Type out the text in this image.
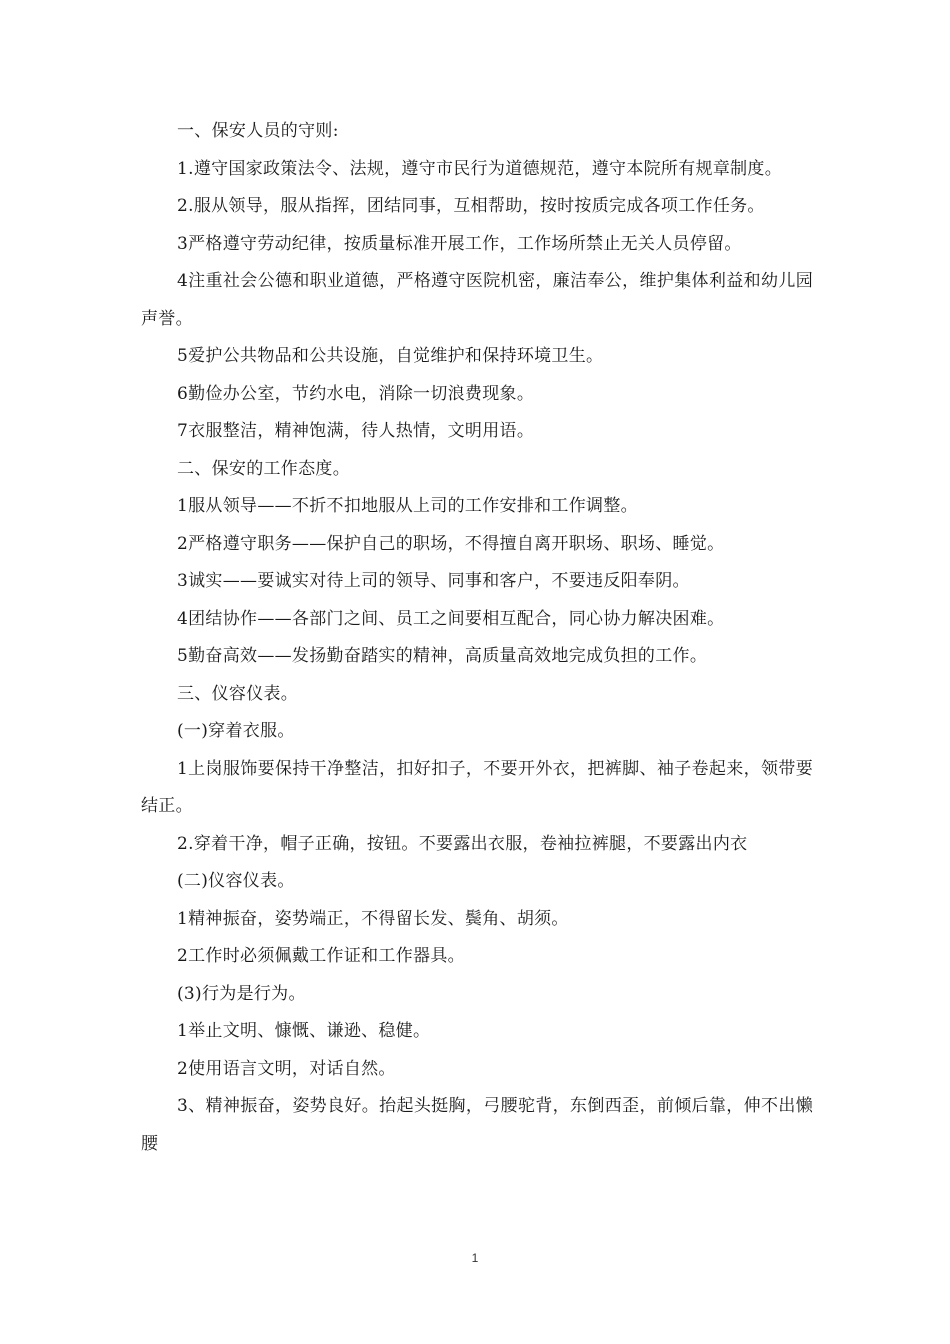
一、保安人员的守则:

1.遵守国家政策法令、法规，遵守市民行为道德规范，遵守本院所有规章制度。

2.服从领导，服从指挥，团结同事，互相帮助，按时按质完成各项工作任务。

3严格遵守劳动纪律，按质量标准开展工作，工作场所禁止无关人员停留。

4注重社会公德和职业道德，严格遵守医院机密，廉洁奉公，维护集体利益和幼儿园声誉。

5爱护公共物品和公共设施，自觉维护和保持环境卫生。

6勤俭办公室，节约水电，消除一切浪费现象。

7衣服整洁，精神饱满，待人热情，文明用语。

二、保安的工作态度。

1服从领导——不折不扣地服从上司的工作安排和工作调整。

2严格遵守职务——保护自己的职场，不得擅自离开职场、职场、睡觉。

3诚实——要诚实对待上司的领导、同事和客户，不要违反阳奉阴。

4团结协作——各部门之间、员工之间要相互配合，同心协力解决困难。

5勤奋高效——发扬勤奋踏实的精神，高质量高效地完成负担的工作。

三、仪容仪表。

(一)穿着衣服。

1上岗服饰要保持干净整洁，扣好扣子，不要开外衣，把裤脚、袖子卷起来，领带要结正。

2.穿着干净，帽子正确，按钮。不要露出衣服，卷袖拉裤腿，不要露出内衣

(二)仪容仪表。

1精神振奋，姿势端正，不得留长发、鬓角、胡须。

2工作时必须佩戴工作证和工作器具。

(3)行为是行为。

1举止文明、慷慨、谦逊、稳健。

2使用语言文明，对话自然。

3、精神振奋，姿势良好。抬起头挺胸，弓腰驼背，东倒西歪，前倾后靠，伸不出懒腰

1
